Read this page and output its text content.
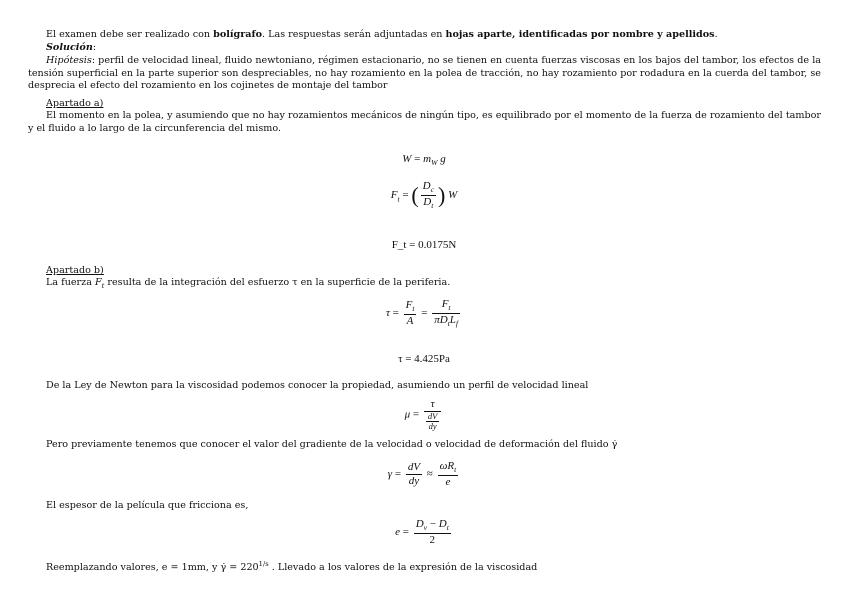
El examen debe ser realizado con bolígrafo. Las respuestas serán adjuntadas en hojas aparte, identificadas por nombre y apellidos.
Solución:
Hipótesis: perfil de velocidad lineal, fluido newtoniano, régimen estacionario, no se tienen en cuenta fuerzas viscosas en los bajos del tambor, los efectos de la tensión superficial en la parte superior son despreciables, no hay rozamiento en la polea de tracción, no hay rozamiento por rodadura en la cuerda del tambor, se desprecia el efecto del rozamiento en los cojinetes de montaje del tambor
Apartado a)
El momento en la polea, y asumiendo que no hay rozamientos mecánicos de ningún tipo, es equilibrado por el momento de la fuerza de rozamiento del tambor y el fluido a lo largo de la circunferencia del mismo.
$W = m_W$ g
$F_t$ = ( $\frac{D_c}{D_t}$ ) W
F_t = 0.0175N
Apartado b)
La fuerza $F_t$ resulta de la integración del esfuerzo τ en la superficie de la periferia.
$\tau = \frac{F_t}{A} = \frac{F_t}{\pi D_tL_f}$
τ = 4.425Pa
De la Ley de Newton para la viscosidad podemos conocer la propiedad, asumiendo un perfil de velocidad lineal
μ = τ
dV
dy
Pero previamente tenemos que conocer el valor del gradiente de la velocidad o velocidad de deformación del fluido γ̇
$\gamma = \frac{dV}{dy} \approx \frac{\omega R_t}{e}$
El espesor de la película que fricciona es,
$e = \frac{D_v - D_t}{2}$
Reemplazando valores, e = 1mm, y γ̇ = $220^{1/s}$ . Llevado a los valores de la expresión de la viscosidad
